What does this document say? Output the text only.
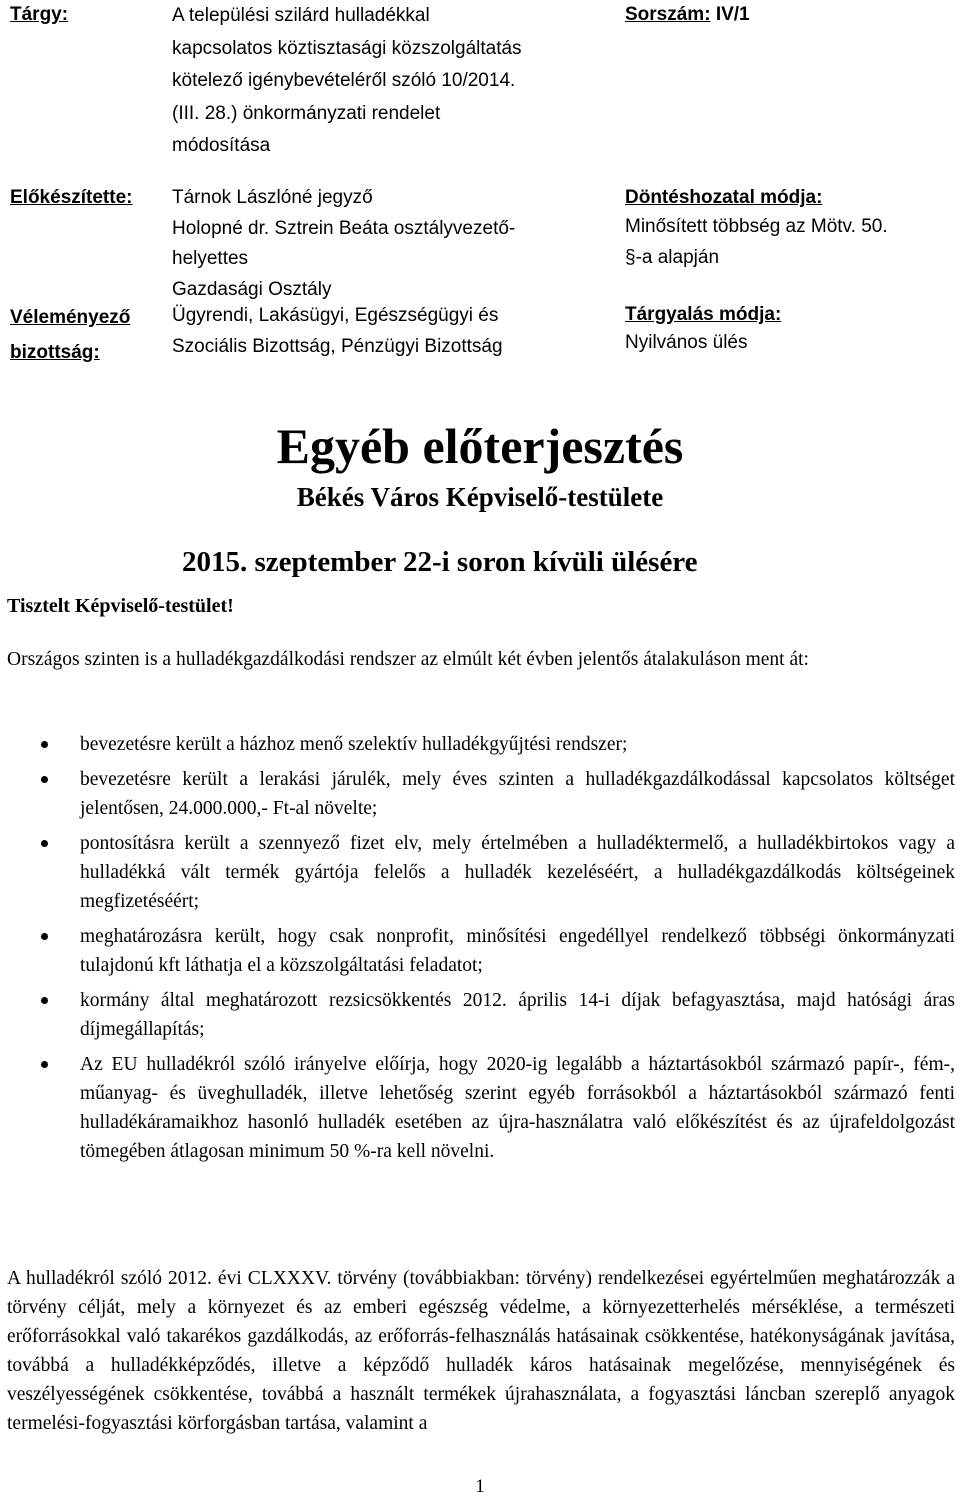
Tárgy:	A települési szilárd hulladékkal
kapcsolatos köztisztasági közszolgáltatás
kötelező igénybevételéről szóló 10/2014.
(III. 28.) önkormányzati rendelet
módosítása
Sorszám: IV/1
Előkészítette: Tárnok Lászlóné jegyző
Holopné dr. Sztrein Beáta osztályvezető-
helyettes
Gazdasági Osztály
Véleményező
bizottság:
Ügyrendi, Lakásügyi, Egészségügyi és
Szociális Bizottság, Pénzügyi Bizottság
Döntéshozatal módja:
Minősített többség az Mötv. 50.
§-a alapján
Tárgyalás módja:
Nyilvános ülés
Egyéb előterjesztés
Békés Város Képviselő-testülete
2015. szeptember 22-i soron kívüli ülésére
Tisztelt Képviselő-testület!
Országos szinten is a hulladékgazdálkodási rendszer az elmúlt két évben jelentős átalakuláson ment át:
bevezetésre került a házhoz menő szelektív hulladékgyűjtési rendszer;
bevezetésre került a lerakási járulék, mely éves szinten a hulladékgazdálkodással kapcsolatos költséget jelentősen, 24.000.000,- Ft-al növelte;
pontosításra került a szennyező fizet elv, mely értelmében a hulladéktermelő, a hulladékbirtokos vagy a hulladékká vált termék gyártója felelős a hulladék kezeléséért, a hulladékgazdálkodás költségeinek megfizetéséért;
meghatározásra került, hogy csak nonprofit, minősítési engedéllyel rendelkező többségi önkormányzati tulajdonú kft láthatja el a közszolgáltatási feladatot;
kormány által meghatározott rezsicsökkentés 2012. április 14-i díjak befagyasztása, majd hatósági áras díjmegállapítás;
Az EU hulladékról szóló irányelve előírja, hogy 2020-ig legalább a háztartásokból származó papír-, fém-, műanyag- és üveghulladék, illetve lehetőség szerint egyéb forrásokból a háztartásokból származó fenti hulladékáramaikhoz hasonló hulladék esetében az újra-használatra való előkészítést és az újrafeldolgozást tömegében átlagosan minimum 50 %-ra kell növelni.
A hulladékról szóló 2012. évi CLXXXV. törvény (továbbiakban: törvény) rendelkezései egyértelműen meghatározzák a törvény célját, mely a környezet és az emberi egészség védelme, a környezetterhelés mérséklése, a természeti erőforrásokkal való takarékos gazdálkodás, az erőforrás-felhasználás hatásainak csökkentése, hatékonyságának javítása, továbbá a hulladékképződés, illetve a képződő hulladék káros hatásainak megelőzése, mennyiségének és veszélyességének csökkentése, továbbá a használt termékek újrahasználata, a fogyasztási láncban szereplő anyagok termelési-fogyasztási körforgásban tartása, valamint a
1
